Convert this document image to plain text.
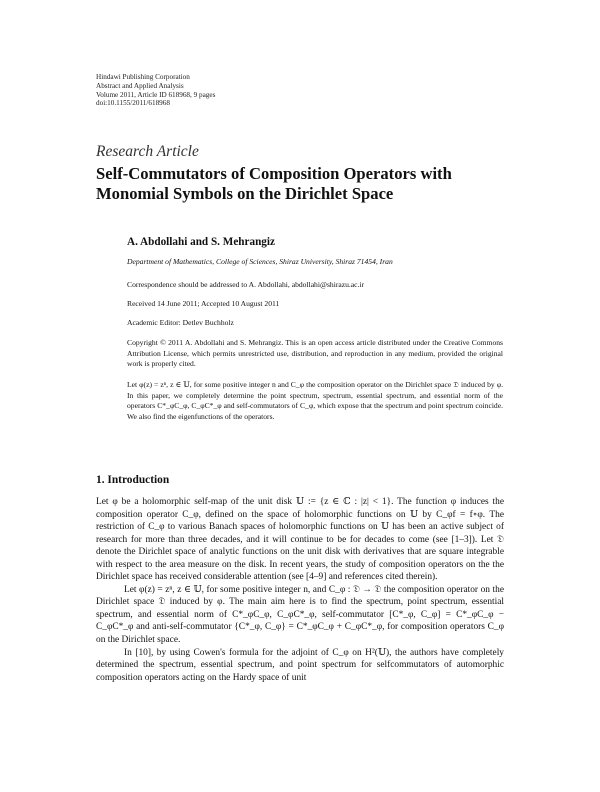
Hindawi Publishing Corporation
Abstract and Applied Analysis
Volume 2011, Article ID 618968, 9 pages
doi:10.1155/2011/618968
Research Article
Self-Commutators of Composition Operators with Monomial Symbols on the Dirichlet Space
A. Abdollahi and S. Mehrangiz
Department of Mathematics, College of Sciences, Shiraz University, Shiraz 71454, Iran
Correspondence should be addressed to A. Abdollahi, abdollahi@shirazu.ac.ir
Received 14 June 2011; Accepted 10 August 2011
Academic Editor: Detlev Buchholz
Copyright © 2011 A. Abdollahi and S. Mehrangiz. This is an open access article distributed under the Creative Commons Attribution License, which permits unrestricted use, distribution, and reproduction in any medium, provided the original work is properly cited.
Let φ(z) = zⁿ, z ∈ 𝕌, for some positive integer n and C_φ the composition operator on the Dirichlet space 𝔇 induced by φ. In this paper, we completely determine the point spectrum, spectrum, essential spectrum, and essential norm of the operators C*_φC_φ, C_φC*_φ and self-commutators of C_φ, which expose that the spectrum and point spectrum coincide. We also find the eigenfunctions of the operators.
1. Introduction

Let φ be a holomorphic self-map of the unit disk 𝕌 := {z ∈ ℂ : |z| < 1}. The function φ induces the composition operator C_φ, defined on the space of holomorphic functions on 𝕌 by C_φf = f∘φ. The restriction of C_φ to various Banach spaces of holomorphic functions on 𝕌 has been an active subject of research for more than three decades, and it will continue to be for decades to come (see [1–3]). Let 𝔇 denote the Dirichlet space of analytic functions on the unit disk with derivatives that are square integrable with respect to the area measure on the disk. In recent years, the study of composition operators on the the Dirichlet space has received considerable attention (see [4–9] and references cited therein).

Let φ(z) = zⁿ, z ∈ 𝕌, for some positive integer n, and C_φ : 𝔇 → 𝔇 the composition operator on the Dirichlet space 𝔇 induced by φ. The main aim here is to find the spectrum, point spectrum, essential spectrum, and essential norm of C*_φC_φ, C_φC*_φ, self-commutator [C*_φ, C_φ] = C*_φC_φ − C_φC*_φ and anti-self-commutator {C*_φ, C_φ} = C*_φC_φ + C_φC*_φ, for composition operators C_φ on the Dirichlet space.

In [10], by using Cowen's formula for the adjoint of C_φ on H²(𝕌), the authors have completely determined the spectrum, essential spectrum, and point spectrum for selfcommutators of automorphic composition operators acting on the Hardy space of unit
